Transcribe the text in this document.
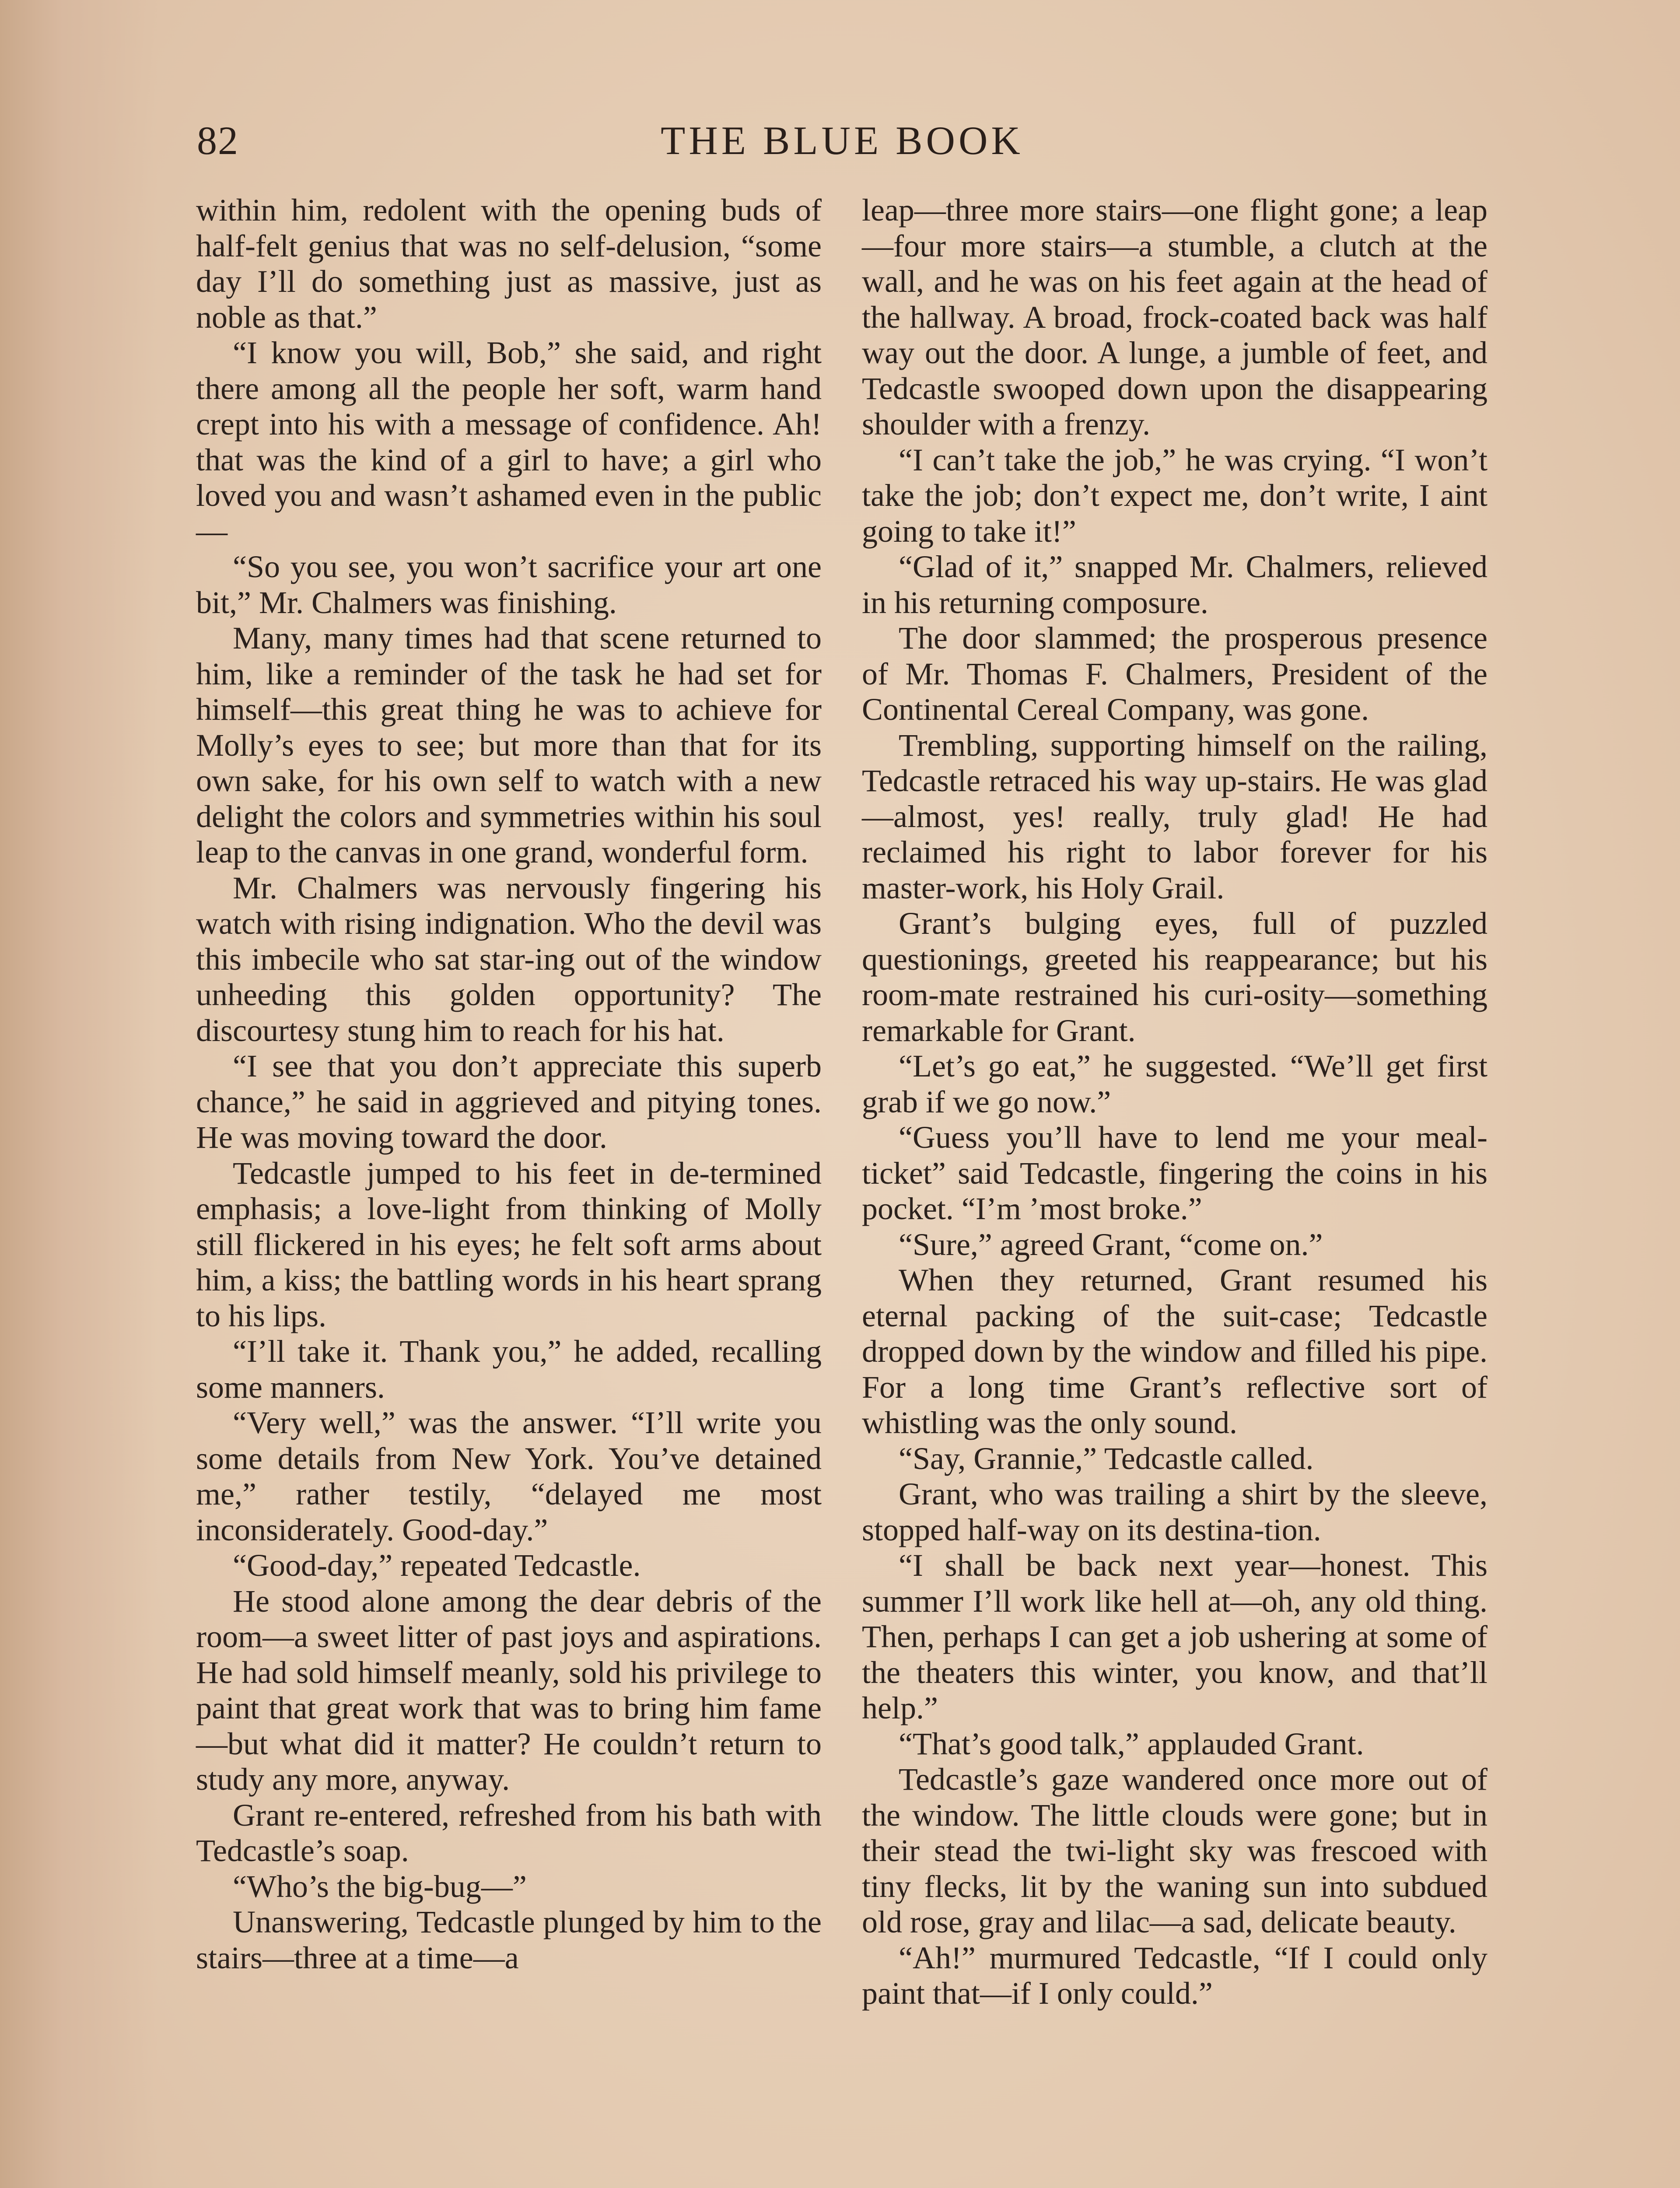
82	THE BLUE BOOK

within him, redolent with the opening buds of half-felt genius that was no self-delusion, “some day I’ll do something just as massive, just as noble as that.”

“I know you will, Bob,” she said, and right there among all the people her soft, warm hand crept into his with a message of confidence. Ah! that was the kind of a girl to have; a girl who loved you and wasn’t ashamed even in the public—

“So you see, you won’t sacrifice your art one bit,” Mr. Chalmers was finishing.

Many, many times had that scene returned to him, like a reminder of the task he had set for himself—this great thing he was to achieve for Molly’s eyes to see; but more than that for its own sake, for his own self to watch with a new delight the colors and symmetries within his soul leap to the canvas in one grand, wonderful form.

Mr. Chalmers was nervously fingering his watch with rising indignation. Who the devil was this imbecile who sat star-ing out of the window unheeding this golden opportunity? The discourtesy stung him to reach for his hat.

“I see that you don’t appreciate this superb chance,” he said in aggrieved and pitying tones. He was moving toward the door.

Tedcastle jumped to his feet in de-termined emphasis; a love-light from thinking of Molly still flickered in his eyes; he felt soft arms about him, a kiss; the battling words in his heart sprang to his lips.

“I’ll take it. Thank you,” he added, recalling some manners.

“Very well,” was the answer. “I’ll write you some details from New York. You’ve detained me,” rather testily, “delayed me most inconsiderately. Good-day.”

“Good-day,” repeated Tedcastle.

He stood alone among the dear debris of the room—a sweet litter of past joys and aspirations. He had sold himself meanly, sold his privilege to paint that great work that was to bring him fame—but what did it matter? He couldn’t return to study any more, anyway.

Grant re-entered, refreshed from his bath with Tedcastle’s soap.

“Who’s the big-bug—”

Unanswering, Tedcastle plunged by him to the stairs—three at a time—a

leap—three more stairs—one flight gone; a leap—four more stairs—a stumble, a clutch at the wall, and he was on his feet again at the head of the hallway. A broad, frock-coated back was half way out the door. A lunge, a jumble of feet, and Tedcastle swooped down upon the disappearing shoulder with a frenzy.

“I can’t take the job,” he was crying. “I won’t take the job; don’t expect me, don’t write, I aint going to take it!”

“Glad of it,” snapped Mr. Chalmers, relieved in his returning composure.

The door slammed; the prosperous presence of Mr. Thomas F. Chalmers, President of the Continental Cereal Company, was gone.

Trembling, supporting himself on the railing, Tedcastle retraced his way up-stairs. He was glad—almost, yes! really, truly glad! He had reclaimed his right to labor forever for his master-work, his Holy Grail.

Grant’s bulging eyes, full of puzzled questionings, greeted his reappearance; but his room-mate restrained his curi-osity—something remarkable for Grant.

“Let’s go eat,” he suggested. “We’ll get first grab if we go now.”

“Guess you’ll have to lend me your meal-ticket” said Tedcastle, fingering the coins in his pocket. “I’m ’most broke.”

“Sure,” agreed Grant, “come on.”

When they returned, Grant resumed his eternal packing of the suit-case; Tedcastle dropped down by the window and filled his pipe. For a long time Grant’s reflective sort of whistling was the only sound.

“Say, Grannie,” Tedcastle called.

Grant, who was trailing a shirt by the sleeve, stopped half-way on its destina-tion.

“I shall be back next year—honest. This summer I’ll work like hell at—oh, any old thing. Then, perhaps I can get a job ushering at some of the theaters this winter, you know, and that’ll help.”

“That’s good talk,” applauded Grant.

Tedcastle’s gaze wandered once more out of the window. The little clouds were gone; but in their stead the twi-light sky was frescoed with tiny flecks, lit by the waning sun into subdued old rose, gray and lilac—a sad, delicate beauty.

“Ah!” murmured Tedcastle, “If I could only paint that—if I only could.”
